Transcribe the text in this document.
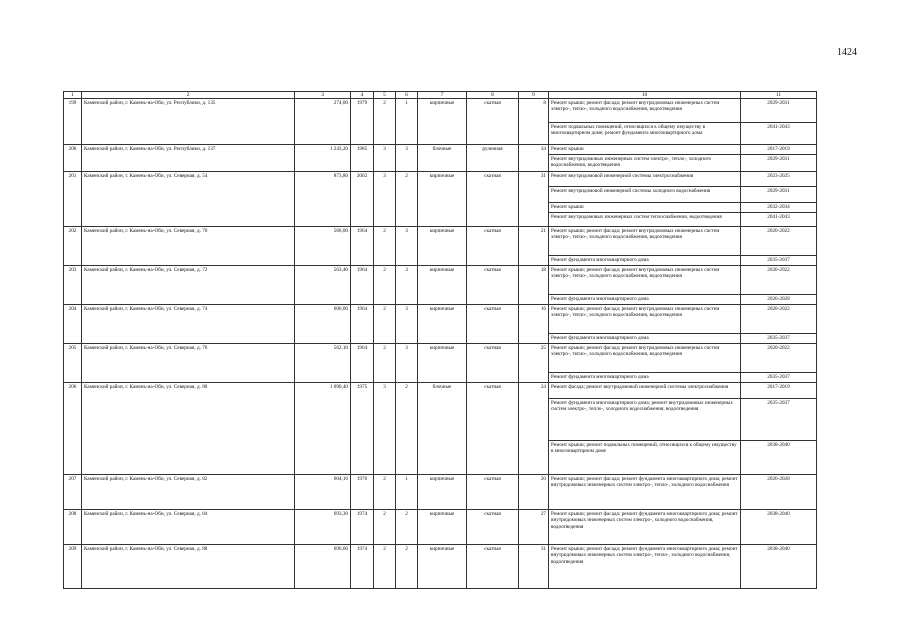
1424
1	2	3	4	5	6	7	8	9	10	11
199	Каменский район, г. Камень-на-Оби, ул. Республики, д. 135	274,00	1979	2	1	кирпичные	скатная	8	Ремонт крыши; ремонт фасада; ремонт внутридомовых инженерных систем электро-, тепло-, холодного водоснабжения, водоотведения	2029-2031
									Ремонт подвальных помещений, относящихся к общему имуществу в многоквартирном доме; ремонт фундамента многоквартирного дома	2041-2043
200	Каменский район, г. Камень-на-Оби, ул. Республики, д. 137	1 243,20	1985	3	3	блочные	рулонная	34	Ремонт крыши	2017-2019
									Ремонт внутридомовых инженерных систем электро-, тепло-, холодного водоснабжения, водоотведения	2029-2031
201	Каменский район, г. Камень-на-Оби, ул. Северная, д. 54	873,80	2002	3	2	кирпичные	скатная	31	Ремонт внутридомовой инженерной системы электроснабжения	2023-2025
									Ремонт внутридомовой инженерной системы холодного водоснабжения	2029-2031
									Ремонт крыши	2032-2034
									Ремонт внутридомовых инженерных систем теплоснабжения, водоотведения	2041-2043
202	Каменский район, г. Камень-на-Оби, ул. Северная, д. 70	566,00	1964	2	3	кирпичные	скатная	21	Ремонт крыши; ремонт фасада; ремонт внутридомовых инженерных систем электро-, тепло-, холодного водоснабжения, водоотведения	2020-2022
									Ремонт фундамента многоквартирного дома	2035-2037
203	Каменский район, г. Камень-на-Оби, ул. Северная, д. 72	563,40	1964	2	3	кирпичные	скатная	18	Ремонт крыши; ремонт фасада; ремонт внутридомовых инженерных систем электро-, тепло-, холодного водоснабжения, водоотведения	2020-2022
									Ремонт фундамента многоквартирного дома	2026-2028
204	Каменский район, г. Камень-на-Оби, ул. Северная, д. 74	606,00	1964	2	3	кирпичные	скатная	16	Ремонт крыши; ремонт фасада; ремонт внутридомовых инженерных систем электро-, тепло-, холодного водоснабжения, водоотведения	2020-2022
									Ремонт фундамента многоквартирного дома	2035-2037
205	Каменский район, г. Камень-на-Оби, ул. Северная, д. 76	562,10	1964	2	3	кирпичные	скатная	25	Ремонт крыши; ремонт фасада; ремонт внутридомовых инженерных систем электро-, тепло-, холодного водоснабжения, водоотведения	2020-2022
									Ремонт фундамента многоквартирного дома	2035-2037
206	Каменский район, г. Камень-на-Оби, ул. Северная, д. 80	1 090,40	1975	3	2	блочные	скатная	24	Ремонт фасада; ремонт внутридомовой инженерной системы электроснабжения	2017-2019
									Ремонт фундамента многоквартирного дома; ремонт внутридомовых инженерных систем электро-, тепло-, холодного водоснабжения, водоотведения	2035-2037
									Ремонт крыши; ремонт подвальных помещений, относящихся к общему имуществу в многоквартирном доме	2038-2040
207	Каменский район, г. Камень-на-Оби, ул. Северная, д. 82	604,16	1976	2	1	кирпичные	скатная	20	Ремонт крыши; ремонт фасада; ремонт фундамента многоквартирного дома; ремонт внутридомовых инженерных систем электро-, тепло-, холодного водоснабжения	2026-2028
208	Каменский район, г. Камень-на-Оби, ул. Северная, д. 84	693,30	1974	2	2	кирпичные	скатная	27	Ремонт крыши; ремонт фасада; ремонт фундамента многоквартирного дома; ремонт внутридомовых инженерных систем электро-, холодного водоснабжения, водоотведения	2038-2040
209	Каменский район, г. Камень-на-Оби, ул. Северная, д. 88	696,60	1974	2	2	кирпичные	скатная	31	Ремонт крыши; ремонт фасада; ремонт фундамента многоквартирного дома; ремонт внутридомовых инженерных систем электро-, тепло-, холодного водоснабжения, водоотведения	2038-2040
